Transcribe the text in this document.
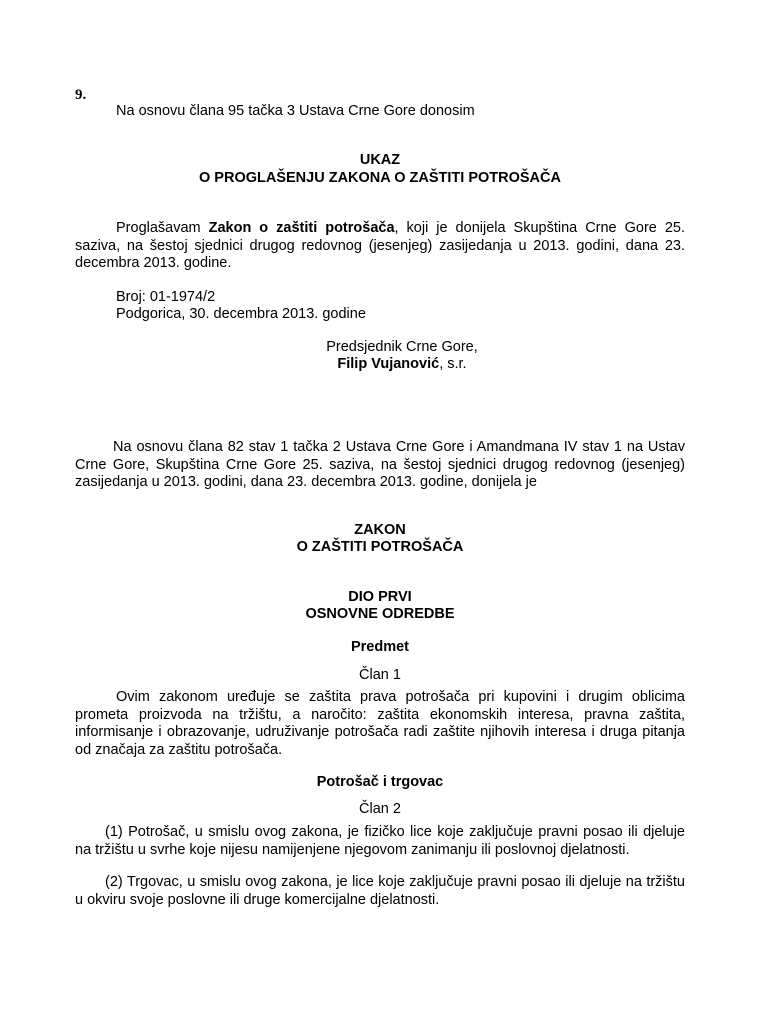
9.

Na osnovu člana 95 tačka 3 Ustava Crne Gore donosim

UKAZ

O PROGLAŠENJU ZAKONA O ZAŠTITI POTROŠAČA

Proglašavam Zakon o zaštiti potrošača, koji je donijela Skupština Crne Gore 25. saziva, na šestoj sjednici drugog redovnog (jesenjeg) zasijedanja u 2013. godini, dana 23. decembra 2013. godine.

Broj: 01-1974/2

Podgorica, 30. decembra 2013. godine

Predsjednik Crne Gore,

Filip Vujanović, s.r.

Na osnovu člana 82 stav 1 tačka 2 Ustava Crne Gore i Amandmana IV stav 1 na Ustav Crne Gore, Skupština Crne Gore 25. saziva, na šestoj sjednici drugog redovnog (jesenjeg) zasijedanja u 2013. godini, dana 23. decembra 2013. godine, donijela je

ZAKON

O ZAŠTITI POTROŠAČA

DIO PRVI

OSNOVNE ODREDBE

Predmet

Član 1

Ovim zakonom uređuje se zaštita prava potrošača pri kupovini i drugim oblicima prometa proizvoda na tržištu, a naročito: zaštita ekonomskih interesa, pravna zaštita, informisanje i obrazovanje, udruživanje potrošača radi zaštite njihovih interesa i druga pitanja od značaja za zaštitu potrošača.

Potrošač i trgovac

Član 2

(1) Potrošač, u smislu ovog zakona, je fizičko lice koje zaključuje pravni posao ili djeluje na tržištu u svrhe koje nijesu namijenjene njegovom zanimanju ili poslovnoj djelatnosti.

(2) Trgovac, u smislu ovog zakona, je lice koje zaključuje pravni posao ili djeluje na tržištu u okviru svoje poslovne ili druge komercijalne djelatnosti.
